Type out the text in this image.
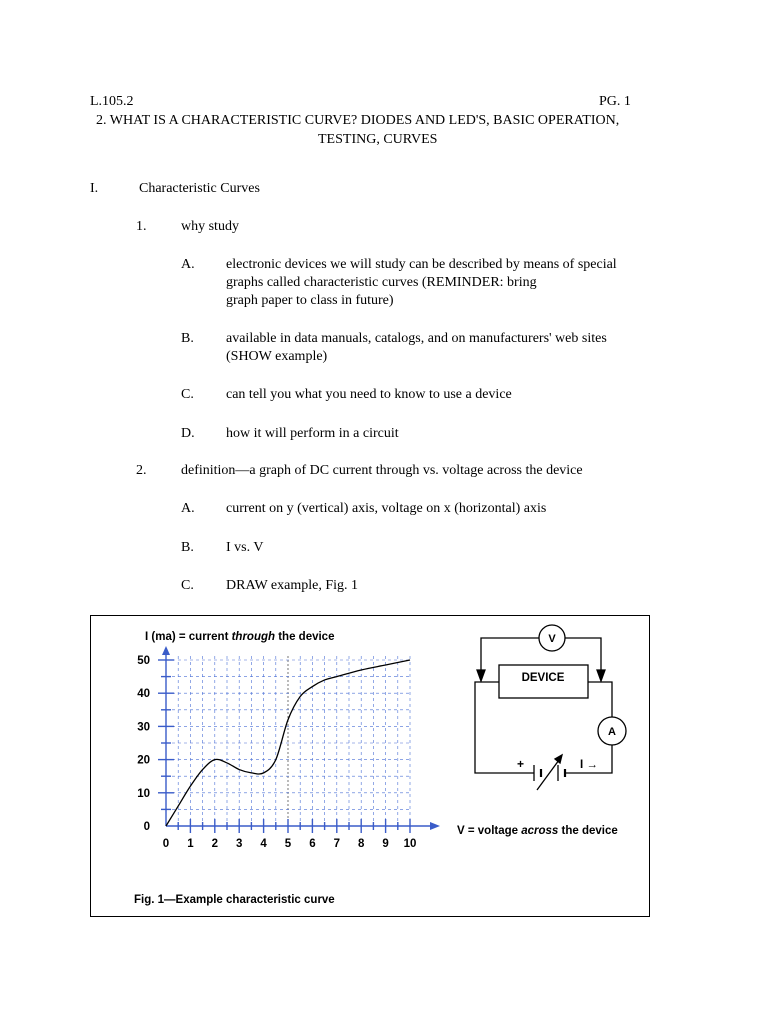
L.105.2	PG. 1
2. WHAT IS A CHARACTERISTIC CURVE? DIODES AND LED'S, BASIC OPERATION,
TESTING, CURVES
I.	Characteristic Curves
1. why study
A. electronic devices we will study can be described by means of special
graphs called characteristic curves (REMINDER: bring
graph paper to class in future)
B. available in data manuals, catalogs, and on manufacturers' web sites
(SHOW example)
C. can tell you what you need to know to use a device
D. how it will perform in a circuit
2. definition—a graph of DC current through vs. voltage across the device
A. current on y (vertical) axis, voltage on x (horizontal) axis
B. I vs. V
C. DRAW example, Fig. 1
I (ma) = current through the device
0
10
20
30
40
50
0 1 2 3 4 5 6 7 8 9 10
V = voltage across the device
V
A
DEVICE
+	I →
Fig. 1—Example characteristic curve
